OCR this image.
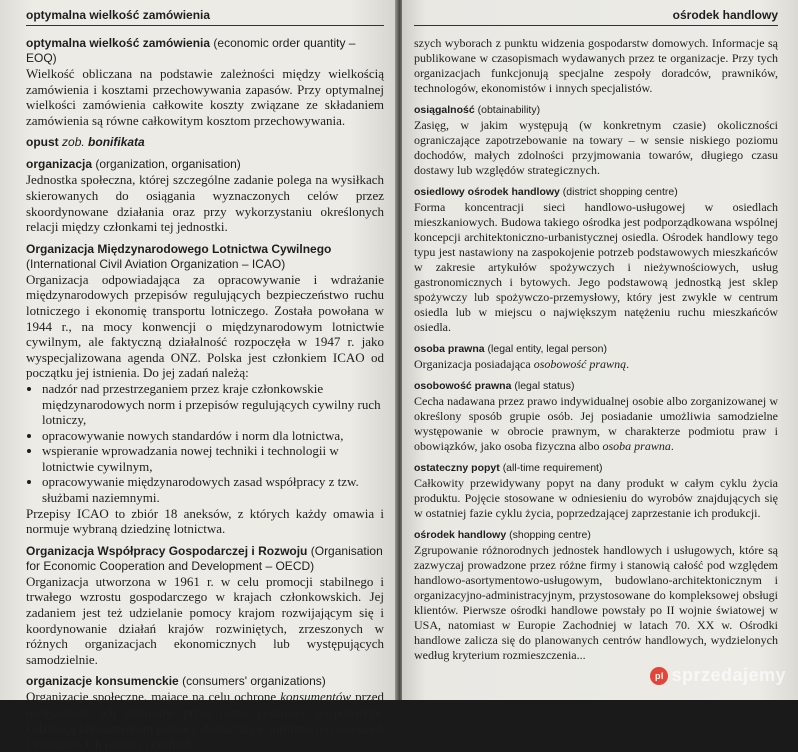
optymalna wielkość zamówienia
optymalna wielkość zamówienia (economic order quantity – EOQ)
Wielkość obliczana na podstawie zależności między wielkością zamówienia i kosztami przechowywania zapasów. Przy optymalnej wielkości zamówienia całkowite koszty związane ze składaniem zamówienia są równe całkowitym kosztom przechowywania.
opust zob. bonifikata
organizacja (organization, organisation)
Jednostka społeczna, której szczególne zadanie polega na wysiłkach skierowanych do osiągania wyznaczonych celów przez skoordynowane działania oraz przy wykorzystaniu określonych relacji między członkami tej jednostki.
Organizacja Międzynarodowego Lotnictwa Cywilnego (International Civil Aviation Organization – ICAO)
Organizacja odpowiadająca za opracowywanie i wdrażanie międzynarodowych przepisów regulujących bezpieczeństwo ruchu lotniczego i ekonomię transportu lotniczego. Została powołana w 1944 r., na mocy konwencji o międzynarodowym lotnictwie cywilnym, ale faktyczną działalność rozpoczęła w 1947 r. jako wyspecjalizowana agenda ONZ. Polska jest członkiem ICAO od początku jej istnienia. Do jej zadań należą:
• nadzór nad przestrzeganiem przez kraje członkowskie międzynarodowych norm i przepisów regulujących cywilny ruch lotniczy,
• opracowywanie nowych standardów i norm dla lotnictwa,
• wspieranie wprowadzania nowej techniki i technologii w lotnictwie cywilnym,
• opracowywanie międzynarodowych zasad współpracy z tzw. służbami naziemnymi.
Przepisy ICAO to zbiór 18 aneksów, z których każdy omawia i normuje wybraną dziedzinę lotnictwa.
Organizacja Współpracy Gospodarczej i Rozwoju (Organisation for Economic Cooperation and Development – OECD)
Organizacja utworzona w 1961 r. w celu promocji stabilnego i trwałego wzrostu gospodarczego w krajach członkowskich. Jej zadaniem jest też udzielanie pomocy krajom rozwijającym się i koordynowanie działań krajów rozwiniętych, zrzeszonych w różnych organizacjach ekonomicznych lub występujących samodzielnie.
organizacje konsumenckie (consumers' organizations)
Organizacje społeczne, mające na celu ochronę konsumentów przed naruszeniem ich interesów przez różne podmioty gospodarcze. Udzielają konsumentom pomocy dostarczając informacji o towarach i usługach, ich jakości i cechach...
ośrodek handlowy
szych wyborach z punktu widzenia gospodarstw domowych. Informacje są publikowane w czasopismach wydawanych przez te organizacje. Przy tych organizacjach funkcjonują specjalne zespoły doradców, prawników, technologów, ekonomistów i innych specjalistów.
osiągalność (obtainability)
Zasięg, w jakim występują (w konkretnym czasie) okoliczności ograniczające zapotrzebowanie na towary – w sensie niskiego poziomu dochodów, małych zdolności przyjmowania towarów, długiego czasu dostawy lub względów strategicznych.
osiedlowy ośrodek handlowy (district shopping centre)
Forma koncentracji sieci handlowo-usługowej w osiedlach mieszkaniowych. Budowa takiego ośrodka jest podporządkowana wspólnej koncepcji architektoniczno-urbanistycznej osiedla. Ośrodek handlowy tego typu jest nastawiony na zaspokojenie potrzeb podstawowych mieszkańców w zakresie artykułów spożywczych i nieżywnościowych, usług gastronomicznych i bytowych. Jego podstawową jednostką jest sklep spożywczy lub spożywczo-przemysłowy, który jest zwykle w centrum osiedla lub w miejscu o największym natężeniu ruchu mieszkańców osiedla.
osoba prawna (legal entity, legal person)
Organizacja posiadająca osobowość prawną.
osobowość prawna (legal status)
Cecha nadawana przez prawo indywidualnej osobie albo zorganizowanej w określony sposób grupie osób. Jej posiadanie umożliwia samodzielne występowanie w obrocie prawnym, w charakterze podmiotu praw i obowiązków, jako osoba fizyczna albo osoba prawna.
ostateczny popyt (all-time requirement)
Całkowity przewidywany popyt na dany produkt w całym cyklu życia produktu. Pojęcie stosowane w odniesieniu do wyrobów znajdujących się w ostatniej fazie cyklu życia, poprzedzającej zaprzestanie ich produkcji.
ośrodek handlowy (shopping centre)
Zgrupowanie różnorodnych jednostek handlowych i usługowych, które są zazwyczaj prowadzone przez różne firmy i stanowią całość pod względem handlowo-asortymentowo-usługowym, budowlano-architektonicznym i organizacyjno-administracyjnym, przystosowane do kompleksowej obsługi klientów. Pierwsze ośrodki handlowe powstały po II wojnie światowej w USA, natomiast w Europie Zachodniej w latach 70. XX w. Ośrodki handlowe zalicza się do planowanych centrów handlowych, wydzielonych według kryterium rozmieszczenia...
pl sprzedajemy
